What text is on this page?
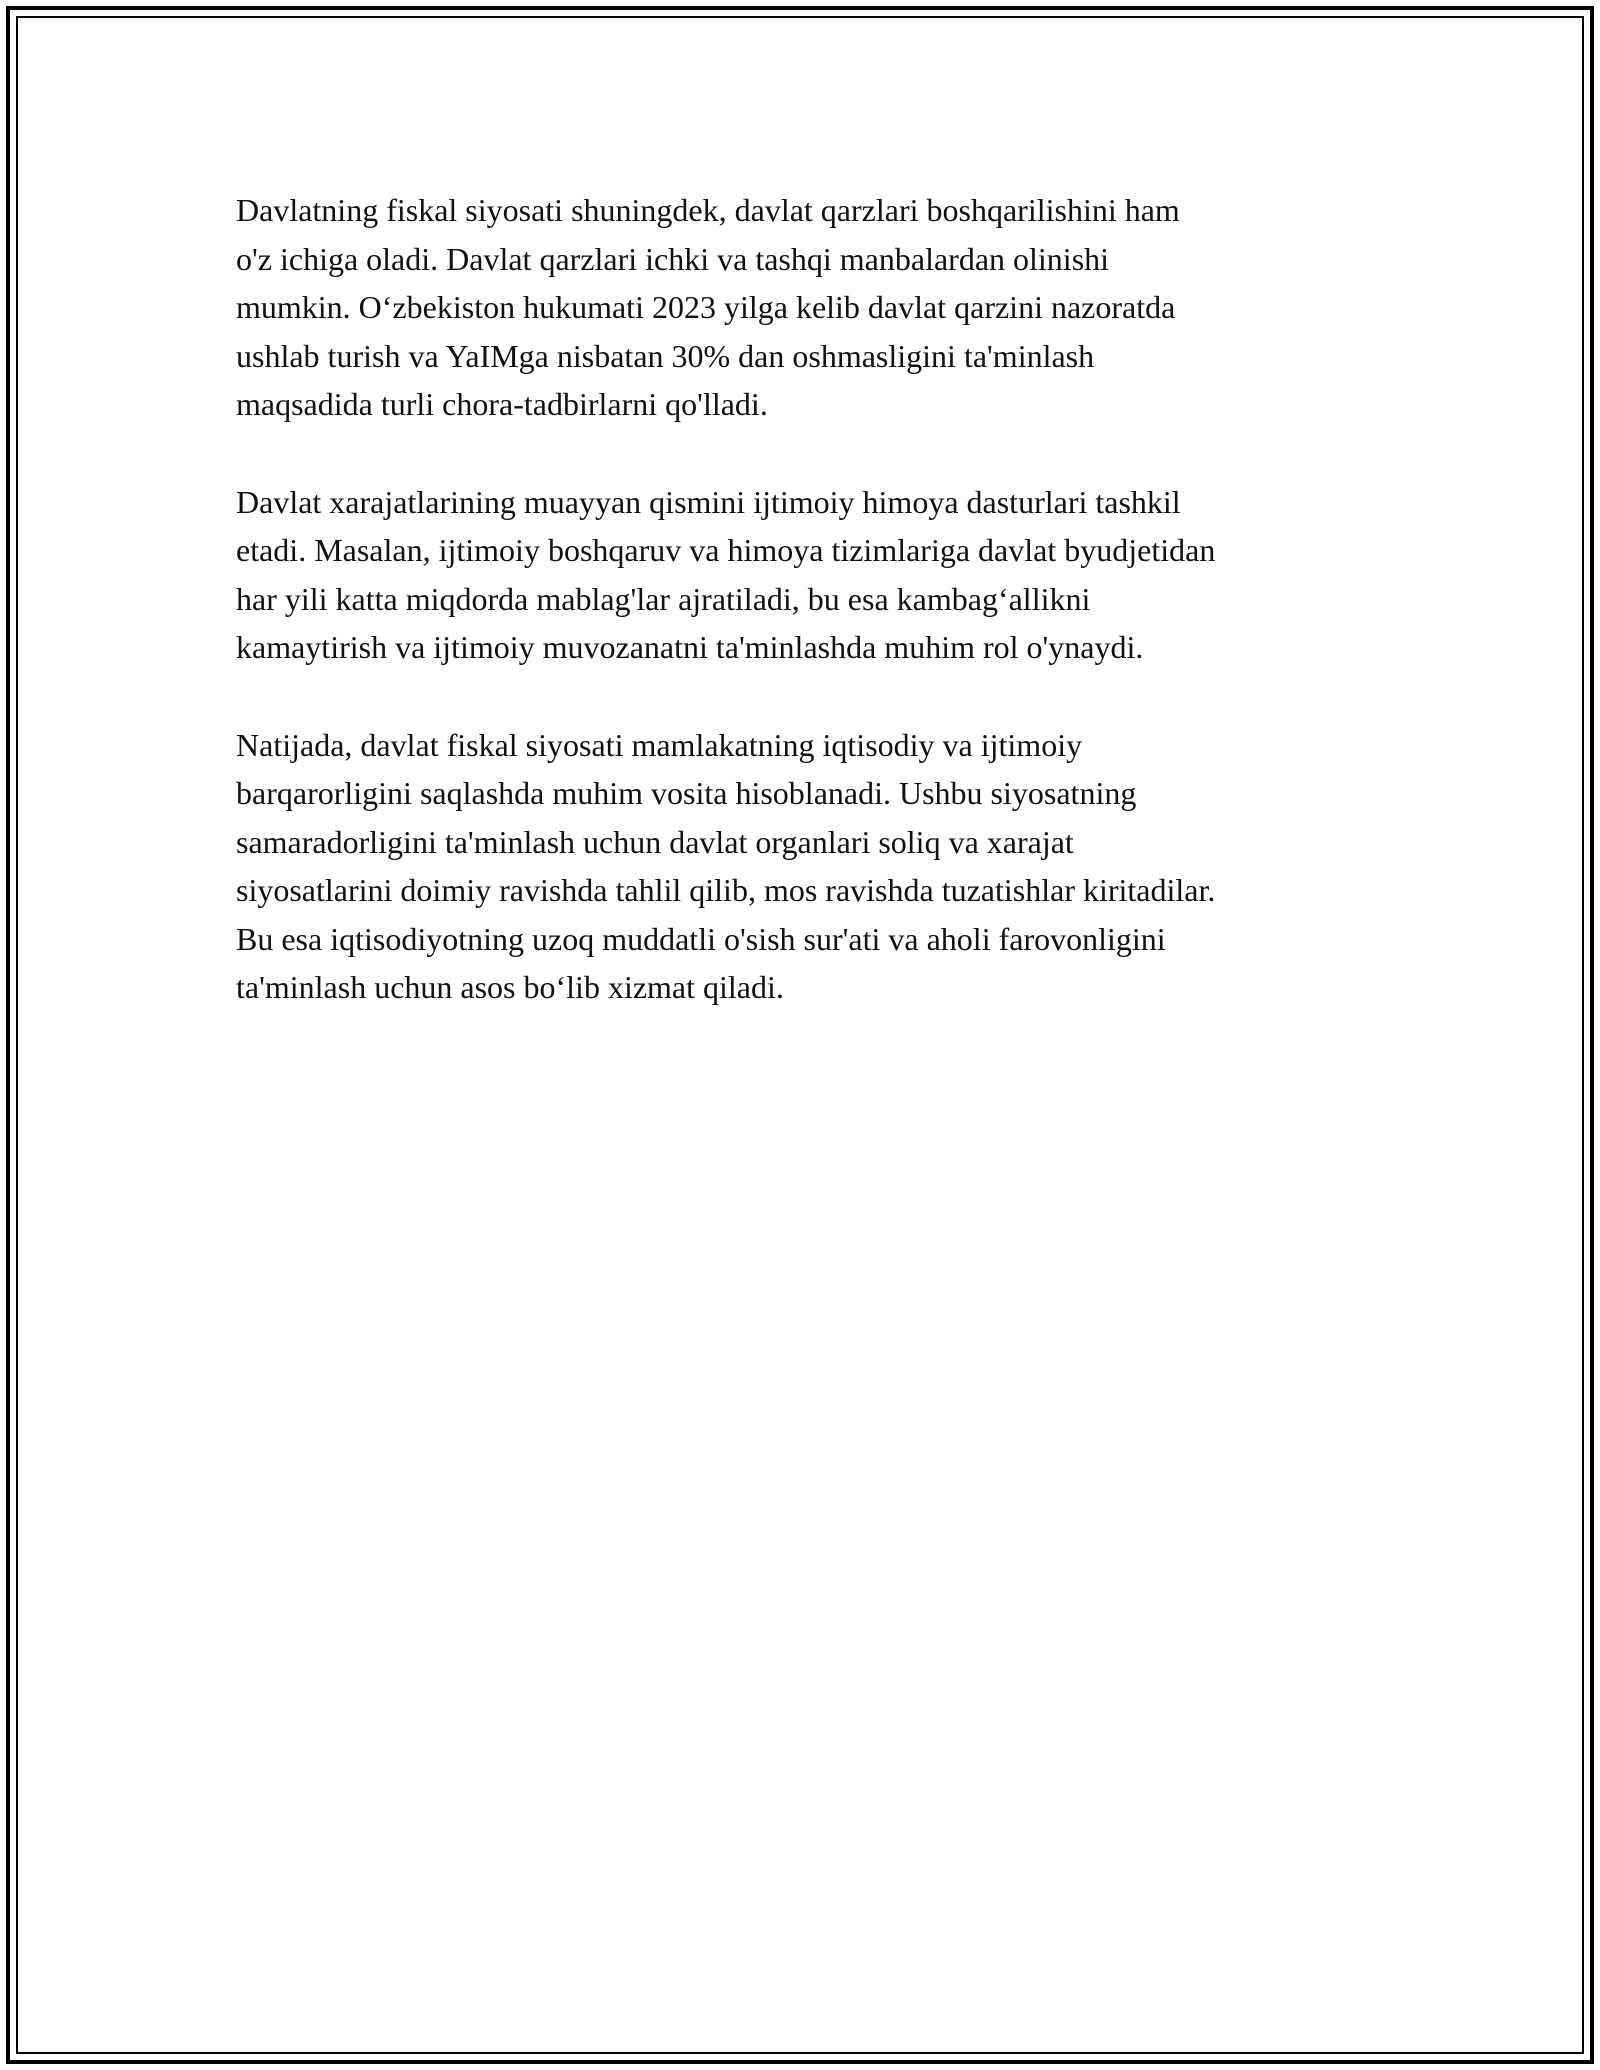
Davlatning fiskal siyosati shuningdek, davlat qarzlari boshqarilishini ham
o'z ichiga oladi. Davlat qarzlari ichki va tashqi manbalardan olinishi
mumkin. O‘zbekiston hukumati 2023 yilga kelib davlat qarzini nazoratda
ushlab turish va YaIMga nisbatan 30% dan oshmasligini ta'minlash
maqsadida turli chora-tadbirlarni qo'lladi.

Davlat xarajatlarining muayyan qismini ijtimoiy himoya dasturlari tashkil
etadi. Masalan, ijtimoiy boshqaruv va himoya tizimlariga davlat byudjetidan
har yili katta miqdorda mablag'lar ajratiladi, bu esa kambag‘allikni
kamaytirish va ijtimoiy muvozanatni ta'minlashda muhim rol o'ynaydi.

Natijada, davlat fiskal siyosati mamlakatning iqtisodiy va ijtimoiy
barqarorligini saqlashda muhim vosita hisoblanadi. Ushbu siyosatning
samaradorligini ta'minlash uchun davlat organlari soliq va xarajat
siyosatlarini doimiy ravishda tahlil qilib, mos ravishda tuzatishlar kiritadilar.
Bu esa iqtisodiyotning uzoq muddatli o'sish sur'ati va aholi farovonligini
ta'minlash uchun asos bo‘lib xizmat qiladi.
